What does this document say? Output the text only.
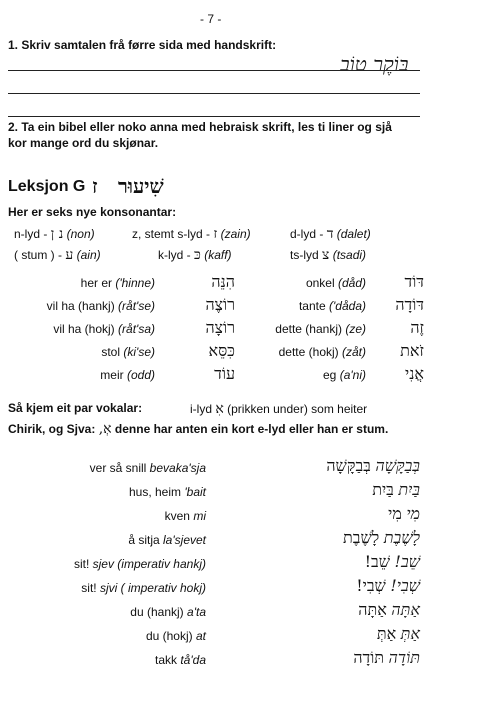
- 7 -
1. Skriv samtalen frå førre sida med handskrift:
בּוֹקֶר טוֹב
2. Ta ein bibel eller noko anna med hebraisk skrift, les ti liner og sjå
kor mange ord du skjønar.
Leksjon G ז שִׁיעוּר
Her er seks nye konsonantar:
n-lyd - נ ן (non)	z, stemt s-lyd - ז (zain)	d-lyd - ד (dalet)
( stum ) - ע (ain)	k-lyd - כּ (kaff)	ts-lyd צ (tsadi)
her er ('hinne)	הִנֵּה	onkel (dåd)	דּוֹד
vil ha (hankj) (råt'se)	רוֹצֶה	tante ('dåda)	דּוֹדָה
vil ha (hokj) (råt'sa)	רוֹצָה	dette (hankj) (ze)	זֶה
stol (ki'se)	כִּסֵּא	dette (hokj) (zåt)	זֹאת
meir (odd)	עוֹד	eg (a'ni)	אֲנִי
Så kjem eit par vokalar:	i-lyd אִ (prikken under) som heiter
Chirik, og Sjva: אְ, denne har anten ein kort e-lyd eller han er stum.
ver så snill bevaka'sja	בְּבַקָּשָׁה בְּבַקָּשָׁה
hus, heim 'bait	בַּיִת בַּיִת
kven mi	מִי מִי
å sitja la'sjevet	לָשֶׁבֶת לָשֶׁבֶת
sit! sjev (imperativ hankj)	שֵׁב! שֵׁב!
sit! sjvi ( imperativ hokj)	שְׁבִי! שְׁבִי!
du (hankj) a'ta	אַתָּה אַתָּה
du (hokj) at	אַתְּ אַתְּ
takk tå'da	תּוֹדָה תּוֹדָה
